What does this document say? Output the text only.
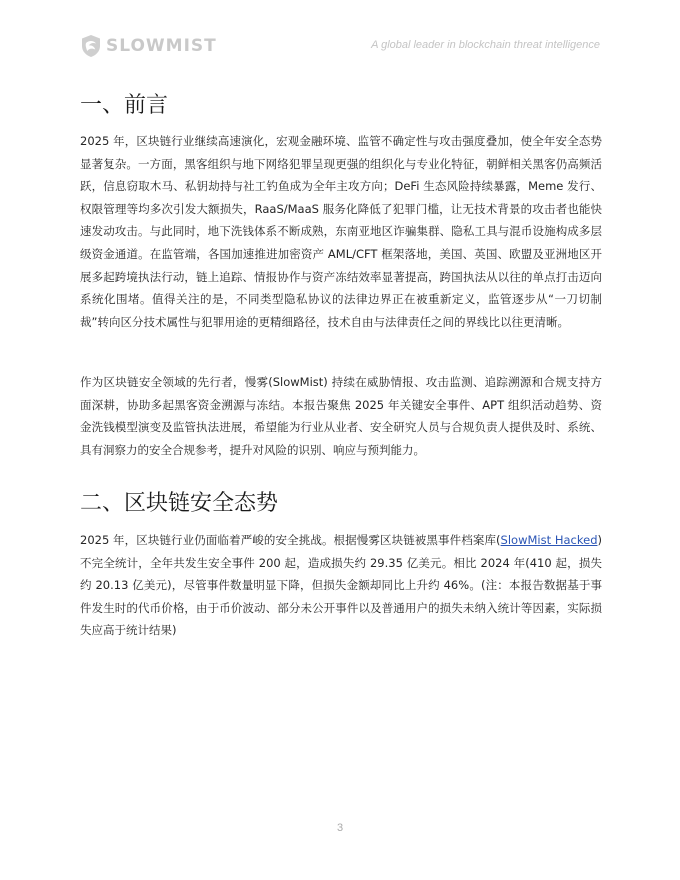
SLOWMIST	A global leader in blockchain threat intelligence
一、前言

2025 年，区块链行业继续高速演化，宏观金融环境、监管不确定性与攻击强度叠加，使全年安全态势显著复杂。一方面，黑客组织与地下网络犯罪呈现更强的组织化与专业化特征，朝鲜相关黑客仍高频活跃，信息窃取木马、私钥劫持与社工钓鱼成为全年主攻方向；DeFi 生态风险持续暴露，Meme 发行、权限管理等均多次引发大额损失，RaaS/MaaS 服务化降低了犯罪门槛，让无技术背景的攻击者也能快速发动攻击。与此同时，地下洗钱体系不断成熟，东南亚地区诈骗集群、隐私工具与混币设施构成多层级资金通道。在监管端，各国加速推进加密资产 AML/CFT 框架落地，美国、英国、欧盟及亚洲地区开展多起跨境执法行动，链上追踪、情报协作与资产冻结效率显著提高，跨国执法从以往的单点打击迈向系统化围堵。值得关注的是，不同类型隐私协议的法律边界正在被重新定义，监管逐步从“一刀切制裁”转向区分技术属性与犯罪用途的更精细路径，技术自由与法律责任之间的界线比以往更清晰。

作为区块链安全领域的先行者，慢雾(SlowMist) 持续在威胁情报、攻击监测、追踪溯源和合规支持方面深耕，协助多起黑客资金溯源与冻结。本报告聚焦 2025 年关键安全事件、APT 组织活动趋势、资金洗钱模型演变及监管执法进展，希望能为行业从业者、安全研究人员与合规负责人提供及时、系统、具有洞察力的安全合规参考，提升对风险的识别、响应与预判能力。

二、区块链安全态势

2025 年，区块链行业仍面临着严峻的安全挑战。根据慢雾区块链被黑事件档案库(SlowMist Hacked)不完全统计，全年共发生安全事件 200 起，造成损失约 29.35 亿美元。相比 2024 年(410 起，损失约 20.13 亿美元)，尽管事件数量明显下降，但损失金额却同比上升约 46%。(注：本报告数据基于事件发生时的代币价格，由于币价波动、部分未公开事件以及普通用户的损失未纳入统计等因素，实际损失应高于统计结果)

3
